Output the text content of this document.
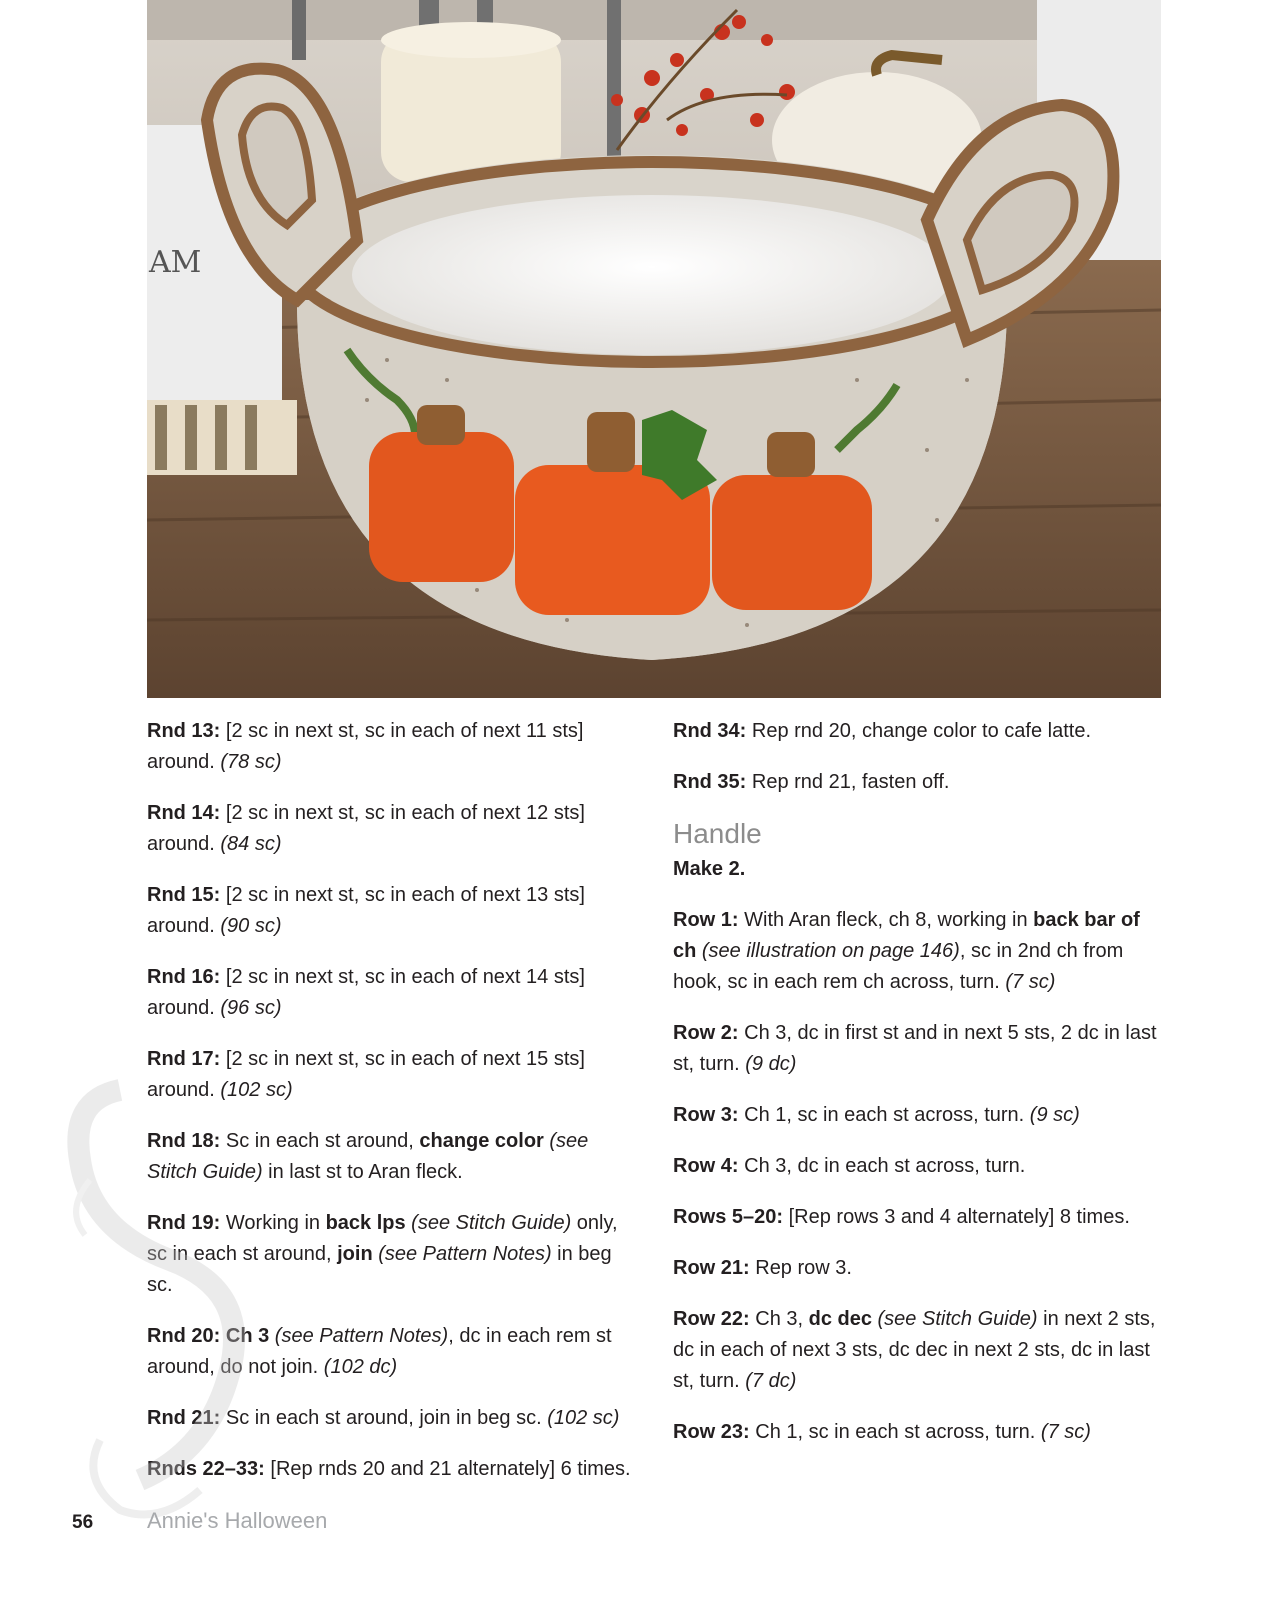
AM

Rnd 13: [2 sc in next st, sc in each of next 11 sts] around. (78 sc)

Rnd 14: [2 sc in next st, sc in each of next 12 sts] around. (84 sc)

Rnd 15: [2 sc in next st, sc in each of next 13 sts] around. (90 sc)

Rnd 16: [2 sc in next st, sc in each of next 14 sts] around. (96 sc)

Rnd 17: [2 sc in next st, sc in each of next 15 sts] around. (102 sc)

Rnd 18: Sc in each st around, change color (see Stitch Guide) in last st to Aran fleck.

Rnd 19: Working in back lps (see Stitch Guide) only, sc in each st around, join (see Pattern Notes) in beg sc.

Rnd 20: Ch 3 (see Pattern Notes), dc in each rem st around, do not join. (102 dc)

Rnd 21: Sc in each st around, join in beg sc. (102 sc)

Rnds 22–33: [Rep rnds 20 and 21 alternately] 6 times.

Rnd 34: Rep rnd 20, change color to cafe latte.

Rnd 35: Rep rnd 21, fasten off.

Handle
Make 2.

Row 1: With Aran fleck, ch 8, working in back bar of ch (see illustration on page 146), sc in 2nd ch from hook, sc in each rem ch across, turn. (7 sc)

Row 2: Ch 3, dc in first st and in next 5 sts, 2 dc in last st, turn. (9 dc)

Row 3: Ch 1, sc in each st across, turn. (9 sc)

Row 4: Ch 3, dc in each st across, turn.

Rows 5–20: [Rep rows 3 and 4 alternately] 8 times.

Row 21: Rep row 3.

Row 22: Ch 3, dc dec (see Stitch Guide) in next 2 sts, dc in each of next 3 sts, dc dec in next 2 sts, dc in last st, turn. (7 dc)

Row 23: Ch 1, sc in each st across, turn. (7 sc)

56 Annie's Halloween
